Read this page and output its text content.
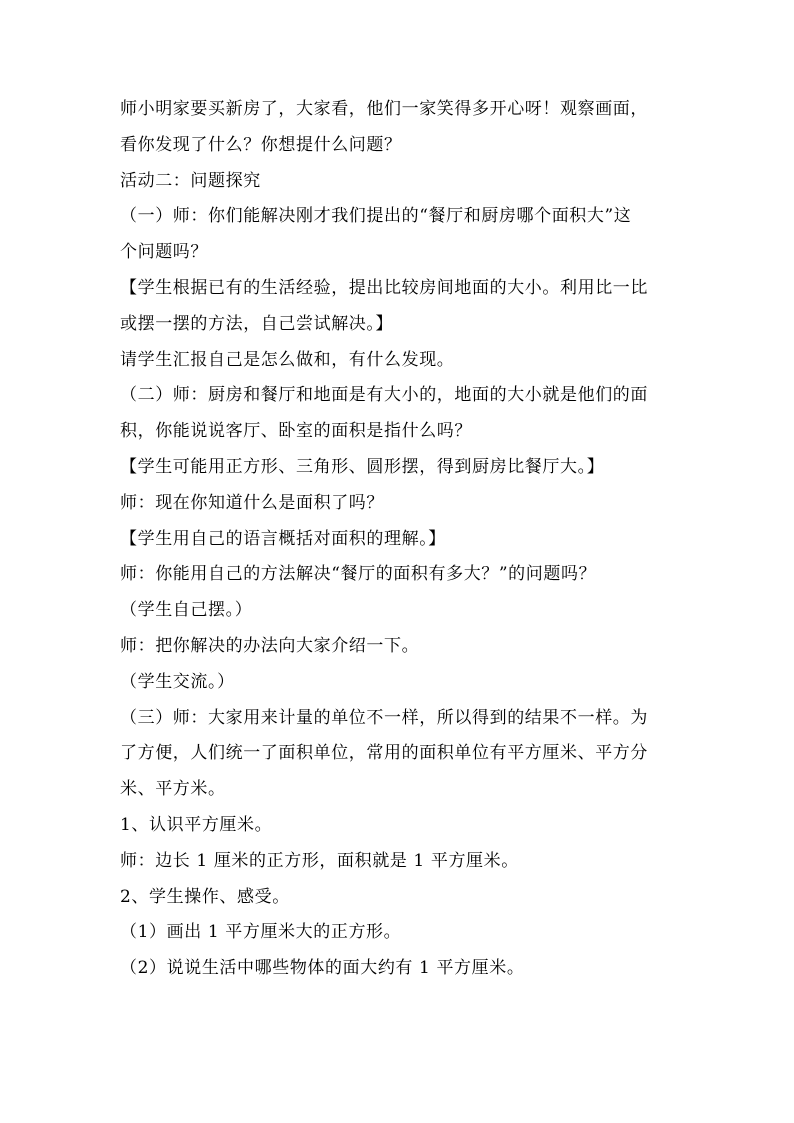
师小明家要买新房了，大家看，他们一家笑得多开心呀！观察画面，
看你发现了什么？你想提什么问题？
活动二：问题探究
（一）师：你们能解决刚才我们提出的“餐厅和厨房哪个面积大”这
个问题吗？
【学生根据已有的生活经验，提出比较房间地面的大小。利用比一比
或摆一摆的方法，自己尝试解决。】
请学生汇报自己是怎么做和，有什么发现。
（二）师：厨房和餐厅和地面是有大小的，地面的大小就是他们的面
积，你能说说客厅、卧室的面积是指什么吗？
【学生可能用正方形、三角形、圆形摆，得到厨房比餐厅大。】
师：现在你知道什么是面积了吗？
【学生用自己的语言概括对面积的理解。】
师：你能用自己的方法解决“餐厅的面积有多大？”的问题吗？
（学生自己摆。）
师：把你解决的办法向大家介绍一下。
（学生交流。）
（三）师：大家用来计量的单位不一样，所以得到的结果不一样。为
了方便，人们统一了面积单位，常用的面积单位有平方厘米、平方分
米、平方米。
1、认识平方厘米。
师：边长 1 厘米的正方形，面积就是 1 平方厘米。
2、学生操作、感受。
（1）画出 1 平方厘米大的正方形。
（2）说说生活中哪些物体的面大约有 1 平方厘米。
